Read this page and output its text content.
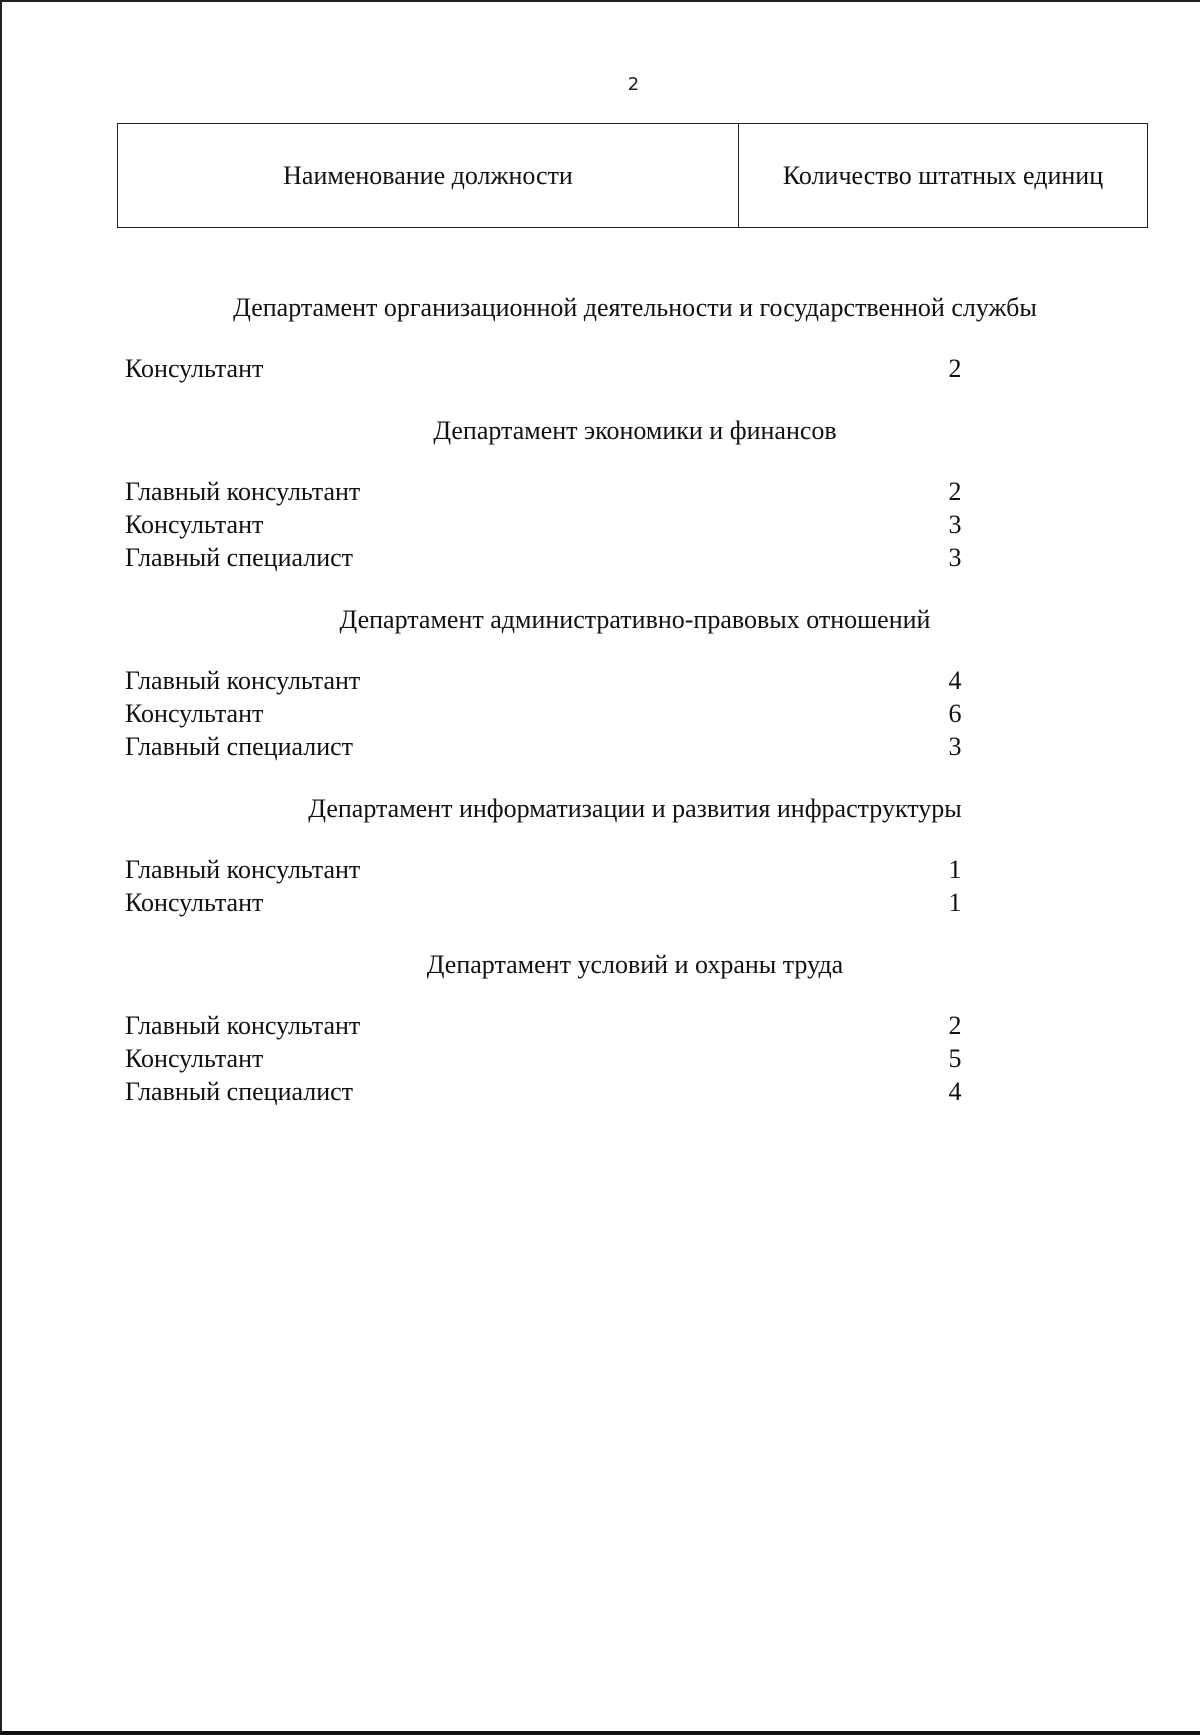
2
Наименование должности	Количество штатных единиц
Департамент организационной деятельности и государственной службы
Консультант	2
Департамент экономики и финансов
Главный консультант	2
Консультант	3
Главный специалист	3
Департамент административно-правовых отношений
Главный консультант	4
Консультант	6
Главный специалист	3
Департамент информатизации и развития инфраструктуры
Главный консультант	1
Консультант	1
Департамент условий и охраны труда
Главный консультант	2
Консультант	5
Главный специалист	4
